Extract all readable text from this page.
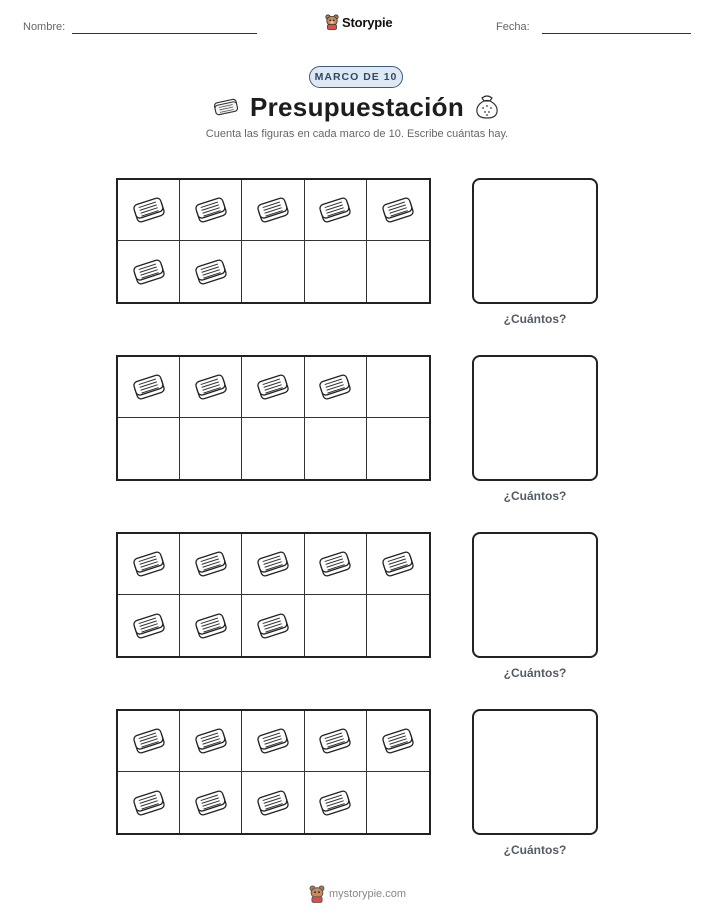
Nombre:	Storypie	Fecha:
MARCO DE 10
Presupuestación
Cuenta las figuras en cada marco de 10. Escribe cuántas hay.
¿Cuántos?
¿Cuántos?
¿Cuántos?
¿Cuántos?
mystorypie.com
